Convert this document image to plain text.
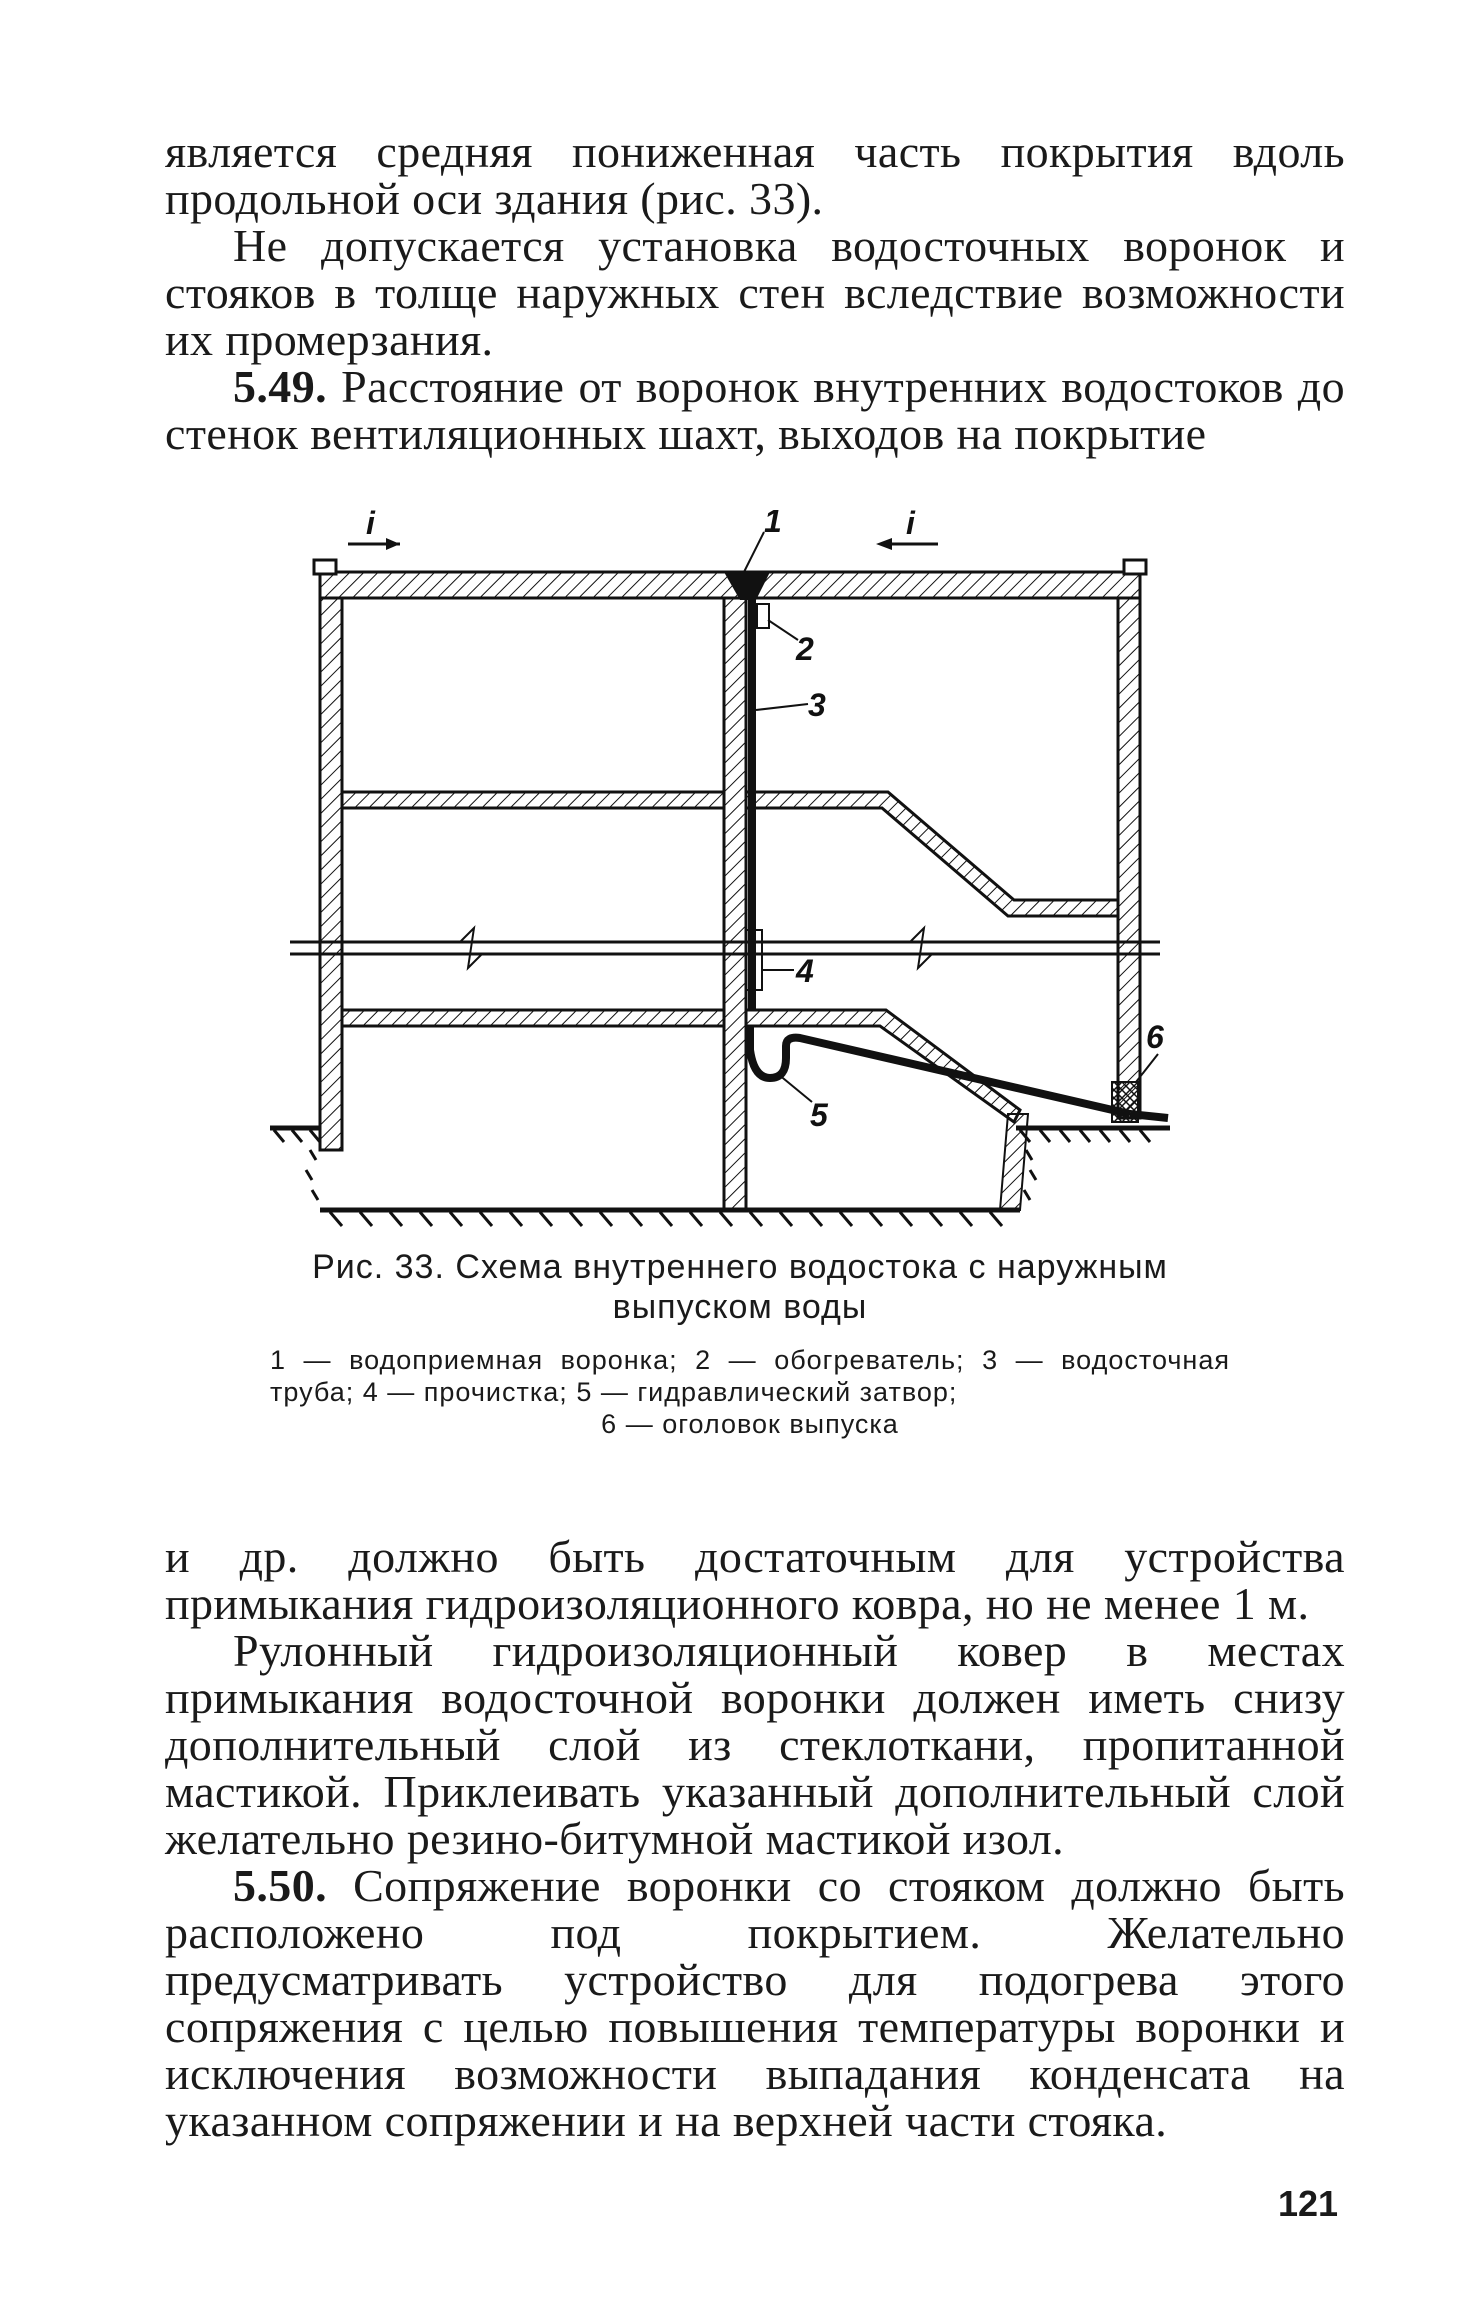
является средняя пониженная часть покрытия вдоль продольной оси здания (рис. 33).

Не допускается установка водосточных воронок и стояков в толще наружных стен вследствие возможности их промерзания.

5.49. Расстояние от воронок внутренних водостоков до стенок вентиляционных шахт, выходов на покрытие

i	i
1
2
3
4
5
6
Рис. 33. Схема внутреннего водостока с наружным выпуском воды
1 — водоприемная воронка; 2 — обогреватель; 3 — водосточная труба; 4 — прочистка; 5 — гидравлический затвор;
6 — оголовок выпуска

и др. должно быть достаточным для устройства примыкания гидроизоляционного ковра, но не менее 1 м.

Рулонный гидроизоляционный ковер в местах примыкания водосточной воронки должен иметь снизу дополнительный слой из стеклоткани, пропитанной мастикой. Приклеивать указанный дополнительный слой желательно резино-битумной мастикой изол.

5.50. Сопряжение воронки со стояком должно быть расположено под покрытием. Желательно предусматривать устройство для подогрева этого сопряжения с целью повышения температуры воронки и исключения возможности выпадания конденсата на указанном сопряжении и на верхней части стояка.

121
